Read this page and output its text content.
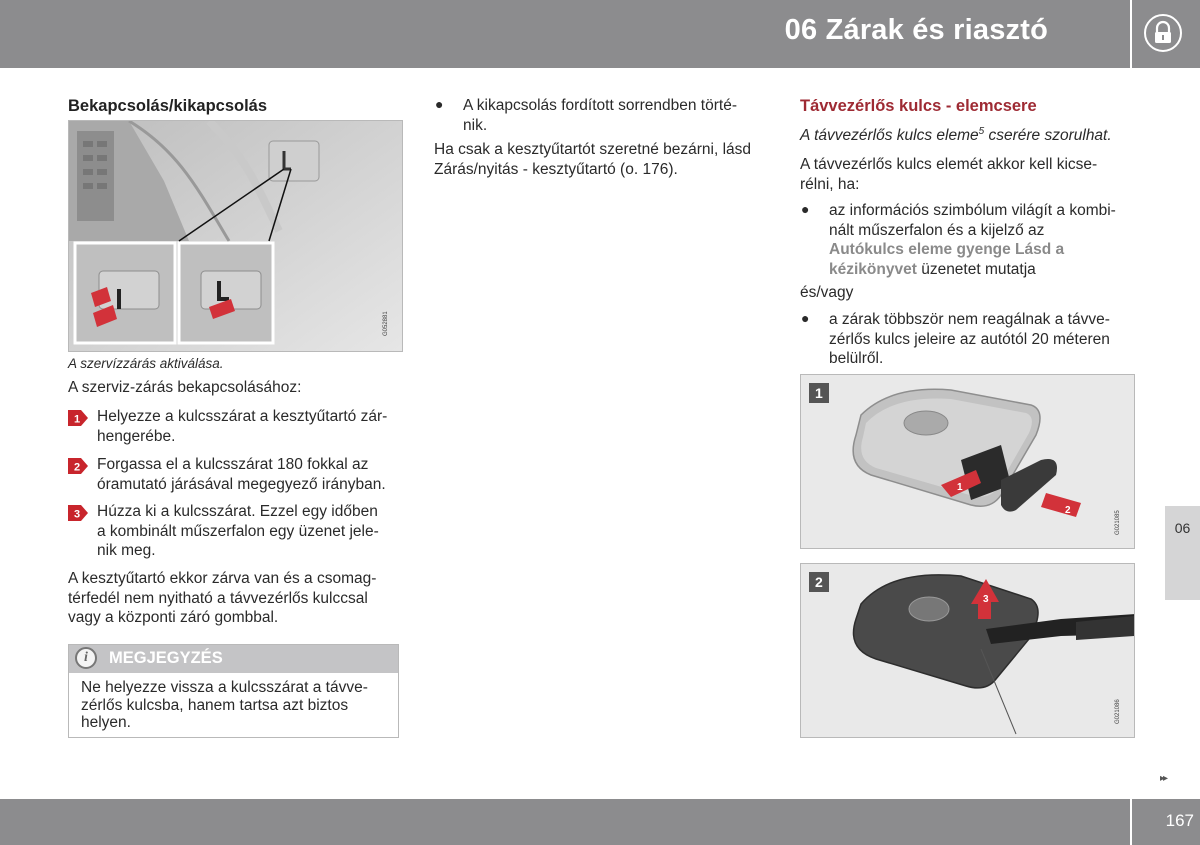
06 Zárak és riasztó
Bekapcsolás/kikapcsolás
G052881
A szervízzárás aktiválása.

A szerviz-zárás bekapcsolásához:

1 Helyezze a kulcsszárat a kesztyűtartó zár-
hengerébe.
2 Forgassa el a kulcsszárat 180 fokkal az
óramutató járásával megegyező irányban.
3 Húzza ki a kulcsszárat. Ezzel egy időben
a kombinált műszerfalon egy üzenet jele-
nik meg.
A kesztyűtartó ekkor zárva van és a csomag-
térfedél nem nyitható a távvezérlős kulccsal
vagy a központi záró gombbal.
i	MEGJEGYZÉS
Ne helyezze vissza a kulcsszárat a távve-
zérlős kulcsba, hanem tartsa azt biztos
helyen.
● A kikapcsolás fordított sorrendben törté-
nik.
Ha csak a kesztyűtartót szeretné bezárni, lásd
Zárás/nyitás - kesztyűtartó (o. 176).
Távvezérlős kulcs - elemcsere

A távvezérlős kulcs eleme$^5$ cserére szorulhat.

A távvezérlős kulcs elemét akkor kell kicse-
rélni, ha:
● az információs szimbólum világít a kombi-
nált műszerfalon és a kijelző az
Autókulcs eleme gyenge Lásd a
kézikönyvet üzenetet mutatja

és/vagy

● a zárak többször nem reagálnak a távve-
zérlős kulcs jeleire az autótól 20 méteren
belülről.
1
1
2	G021085
2
3
G021086
06
▸▸
167
